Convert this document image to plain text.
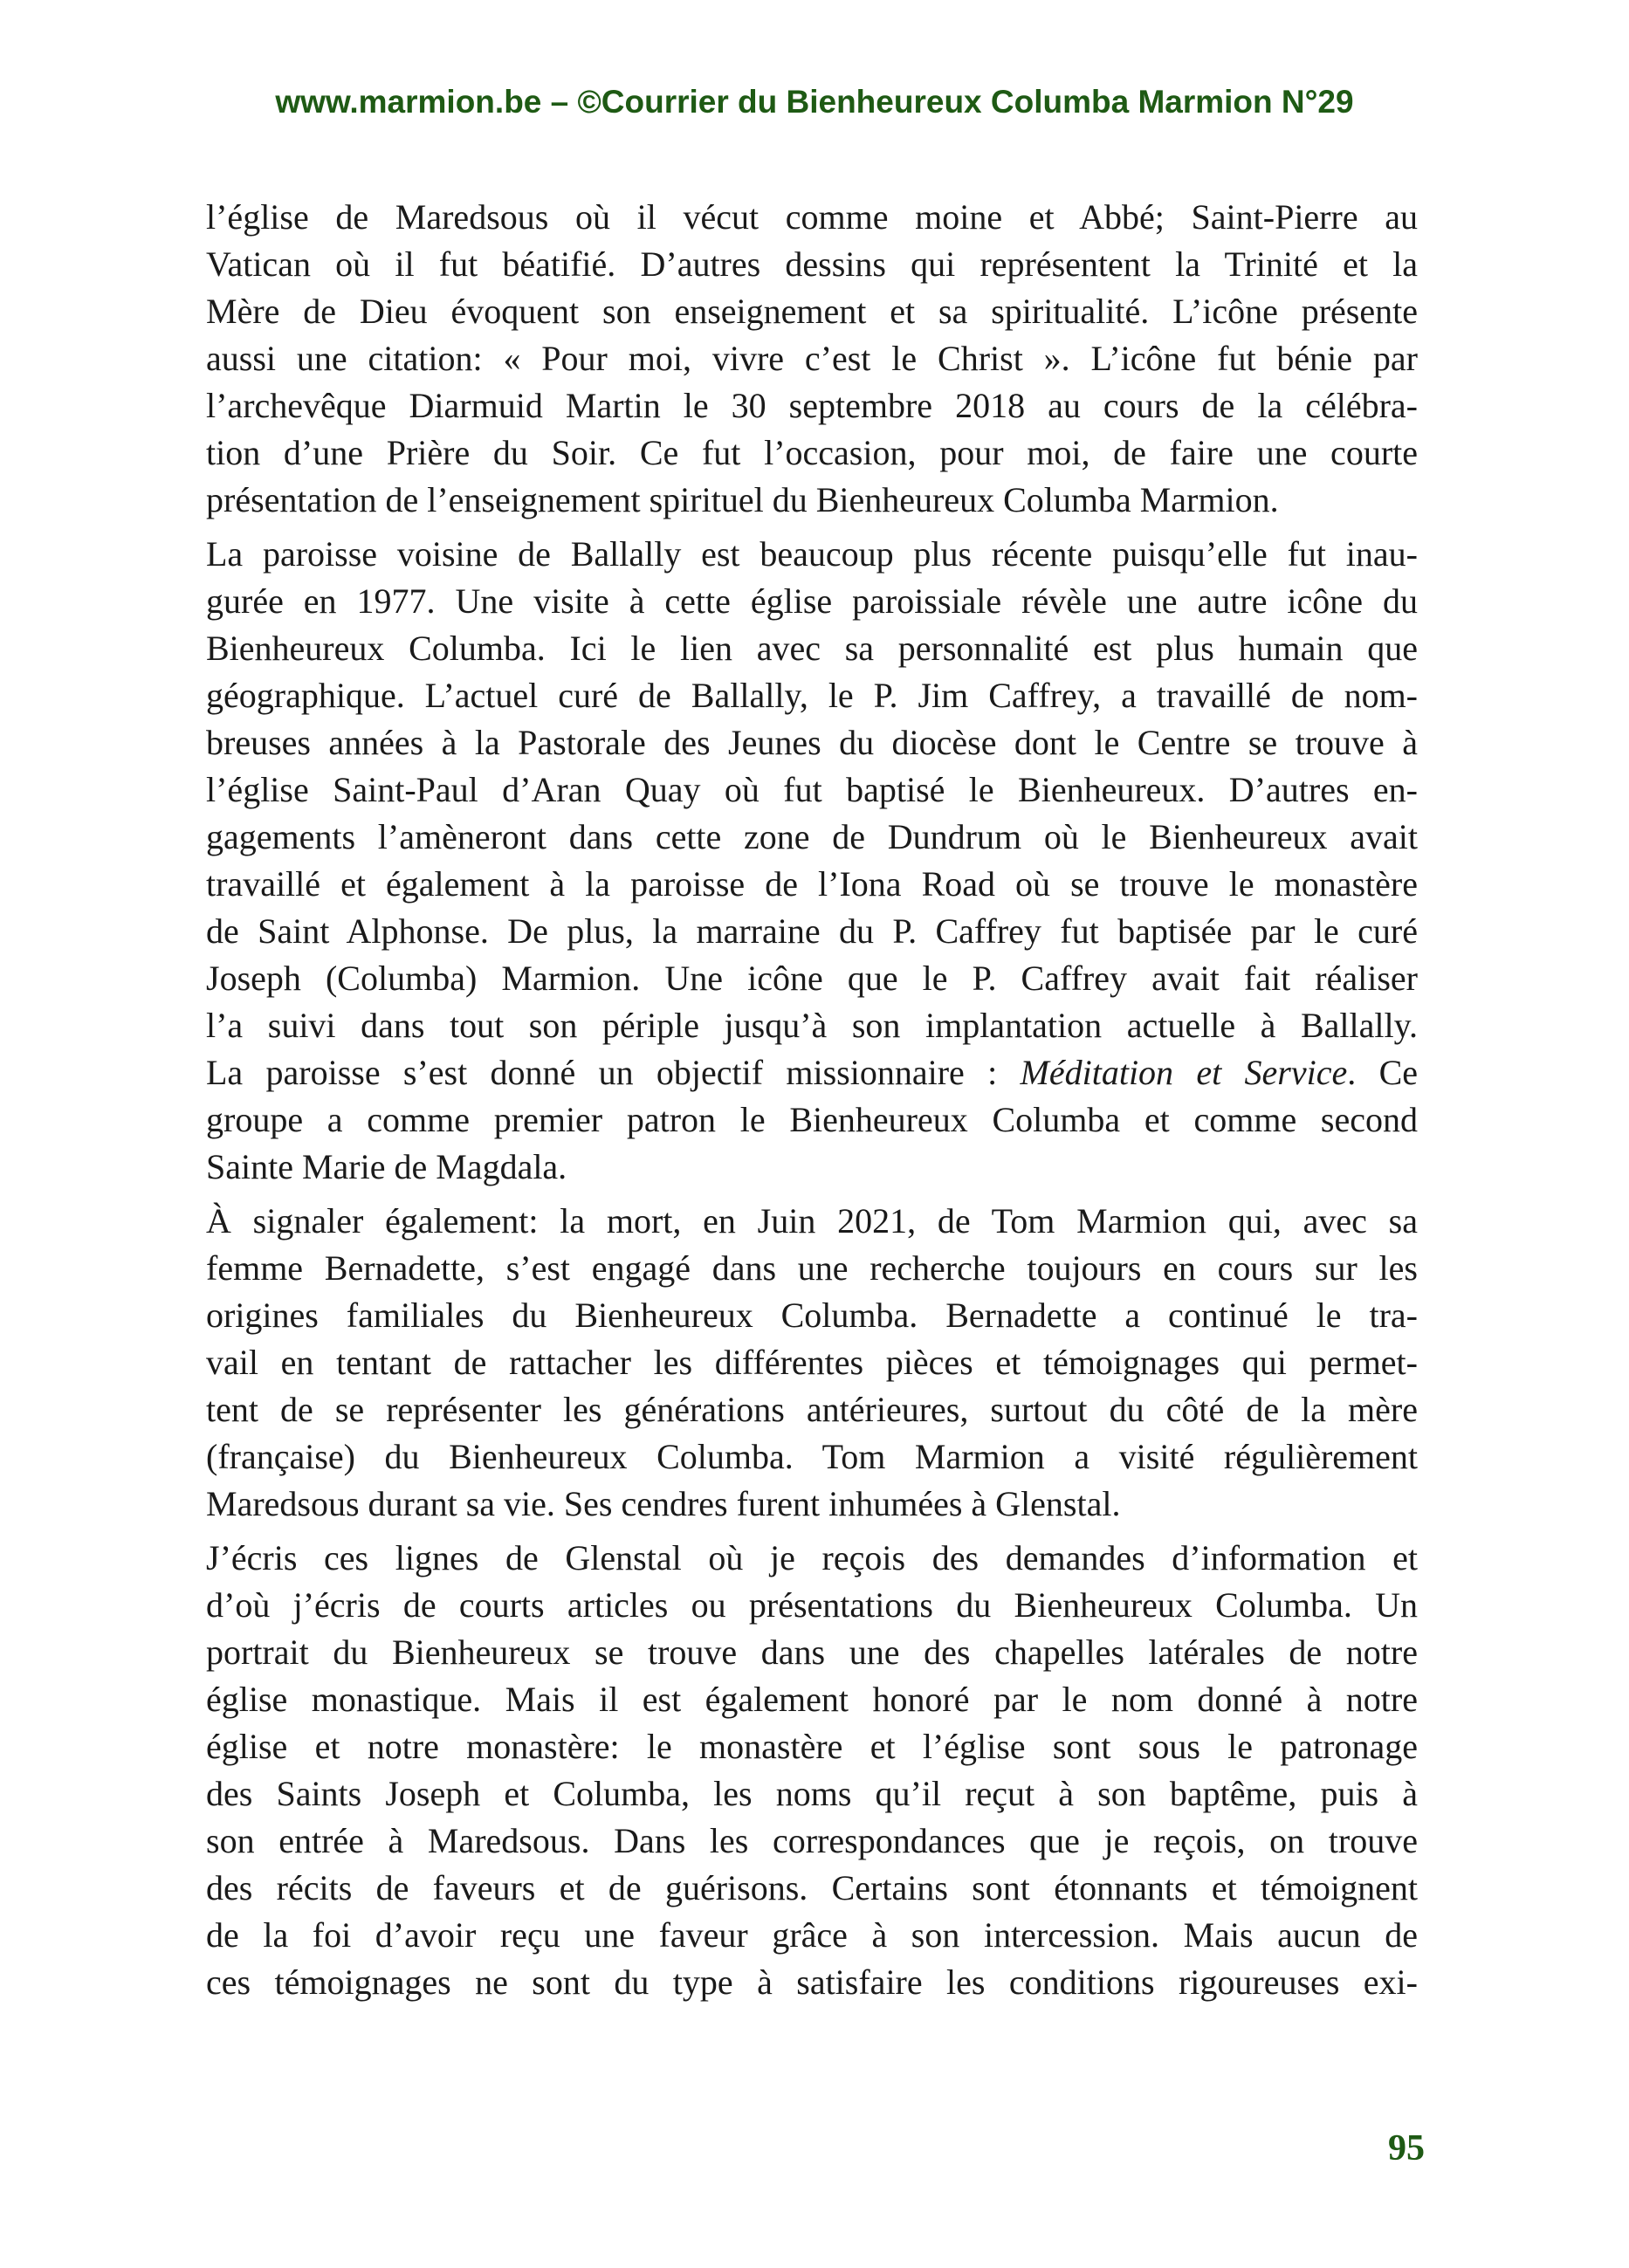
www.marmion.be – ©Courrier du Bienheureux Columba Marmion N°29
l’église de Maredsous où il vécut comme moine et Abbé; Saint-Pierre au
Vatican où il fut béatifié. D’autres dessins qui représentent la Trinité et la
Mère de Dieu évoquent son enseignement et sa spiritualité. L’icône présente
aussi une citation: « Pour moi, vivre c’est le Christ ». L’icône fut bénie par
l’archevêque Diarmuid Martin le 30 septembre 2018 au cours de la célébra-
tion d’une Prière du Soir. Ce fut l’occasion, pour moi, de faire une courte
présentation de l’enseignement spirituel du Bienheureux Columba Marmion.
La paroisse voisine de Ballally est beaucoup plus récente puisqu’elle fut inau-
gurée en 1977. Une visite à cette église paroissiale révèle une autre icône du
Bienheureux Columba. Ici le lien avec sa personnalité est plus humain que
géographique. L’actuel curé de Ballally, le P. Jim Caffrey, a travaillé de nom-
breuses années à la Pastorale des Jeunes du diocèse dont le Centre se trouve à
l’église Saint-Paul d’Aran Quay où fut baptisé le Bienheureux. D’autres en-
gagements l’amèneront dans cette zone de Dundrum où le Bienheureux avait
travaillé et également à la paroisse de l’Iona Road où se trouve le monastère
de Saint Alphonse. De plus, la marraine du P. Caffrey fut baptisée par le curé
Joseph (Columba) Marmion. Une icône que le P. Caffrey avait fait réaliser
l’a suivi dans tout son périple jusqu’à son implantation actuelle à Ballally.
La paroisse s’est donné un objectif missionnaire : Méditation et Service. Ce
groupe a comme premier patron le Bienheureux Columba et comme second
Sainte Marie de Magdala.
À signaler également: la mort, en Juin 2021, de Tom Marmion qui, avec sa
femme Bernadette, s’est engagé dans une recherche toujours en cours sur les
origines familiales du Bienheureux Columba. Bernadette a continué le tra-
vail en tentant de rattacher les différentes pièces et témoignages qui permet-
tent de se représenter les générations antérieures, surtout du côté de la mère
(française) du Bienheureux Columba. Tom Marmion a visité régulièrement
Maredsous durant sa vie. Ses cendres furent inhumées à Glenstal.
J’écris ces lignes de Glenstal où je reçois des demandes d’information et
d’où j’écris de courts articles ou présentations du Bienheureux Columba. Un
portrait du Bienheureux se trouve dans une des chapelles latérales de notre
église monastique. Mais il est également honoré par le nom donné à notre
église et notre monastère: le monastère et l’église sont sous le patronage
des Saints Joseph et Columba, les noms qu’il reçut à son baptême, puis à
son entrée à Maredsous. Dans les correspondances que je reçois, on trouve
des récits de faveurs et de guérisons. Certains sont étonnants et témoignent
de la foi d’avoir reçu une faveur grâce à son intercession. Mais aucun de
ces témoignages ne sont du type à satisfaire les conditions rigoureuses exi-
95
